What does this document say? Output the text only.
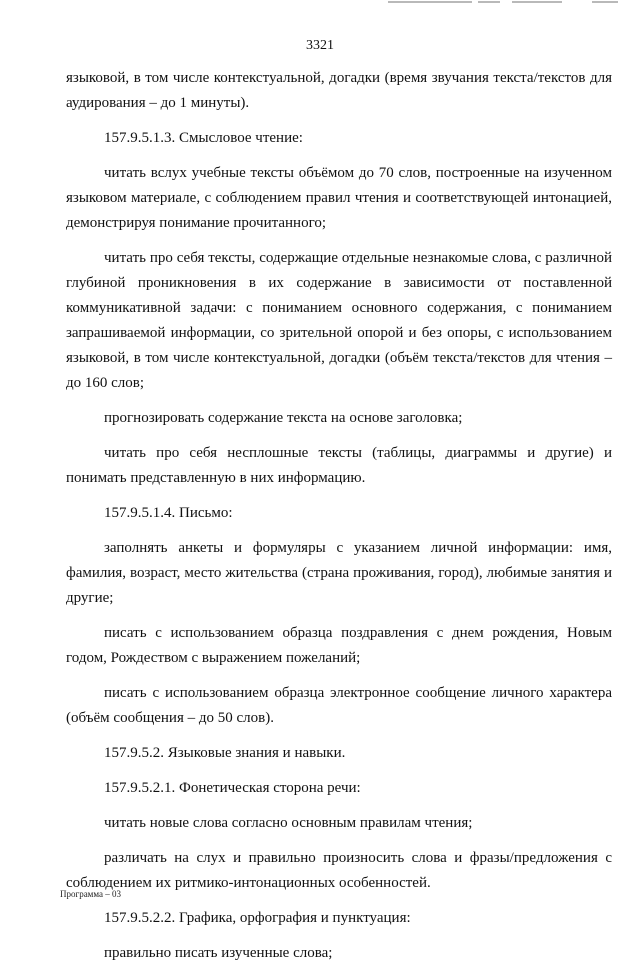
3321

языковой, в том числе контекстуальной, догадки (время звучания текста/текстов для аудирования – до 1 минуты).

157.9.5.1.3. Смысловое чтение:

читать вслух учебные тексты объёмом до 70 слов, построенные на изученном языковом материале, с соблюдением правил чтения и соответствующей интонацией, демонстрируя понимание прочитанного;

читать про себя тексты, содержащие отдельные незнакомые слова, с различной глубиной проникновения в их содержание в зависимости от поставленной коммуникативной задачи: с пониманием основного содержания, с пониманием запрашиваемой информации, со зрительной опорой и без опоры, с использованием языковой, в том числе контекстуальной, догадки (объём текста/текстов для чтения – до 160 слов;

прогнозировать содержание текста на основе заголовка;

читать про себя несплошные тексты (таблицы, диаграммы и другие) и понимать представленную в них информацию.

157.9.5.1.4. Письмо:

заполнять анкеты и формуляры с указанием личной информации: имя, фамилия, возраст, место жительства (страна проживания, город), любимые занятия и другие;

писать с использованием образца поздравления с днем рождения, Новым годом, Рождеством с выражением пожеланий;

писать с использованием образца электронное сообщение личного характера (объём сообщения – до 50 слов).

157.9.5.2. Языковые знания и навыки.

157.9.5.2.1. Фонетическая сторона речи:

читать новые слова согласно основным правилам чтения;

различать на слух и правильно произносить слова и фразы/предложения с соблюдением их ритмико-интонационных особенностей.

157.9.5.2.2. Графика, орфография и пунктуация:

правильно писать изученные слова;

Программа – 03
